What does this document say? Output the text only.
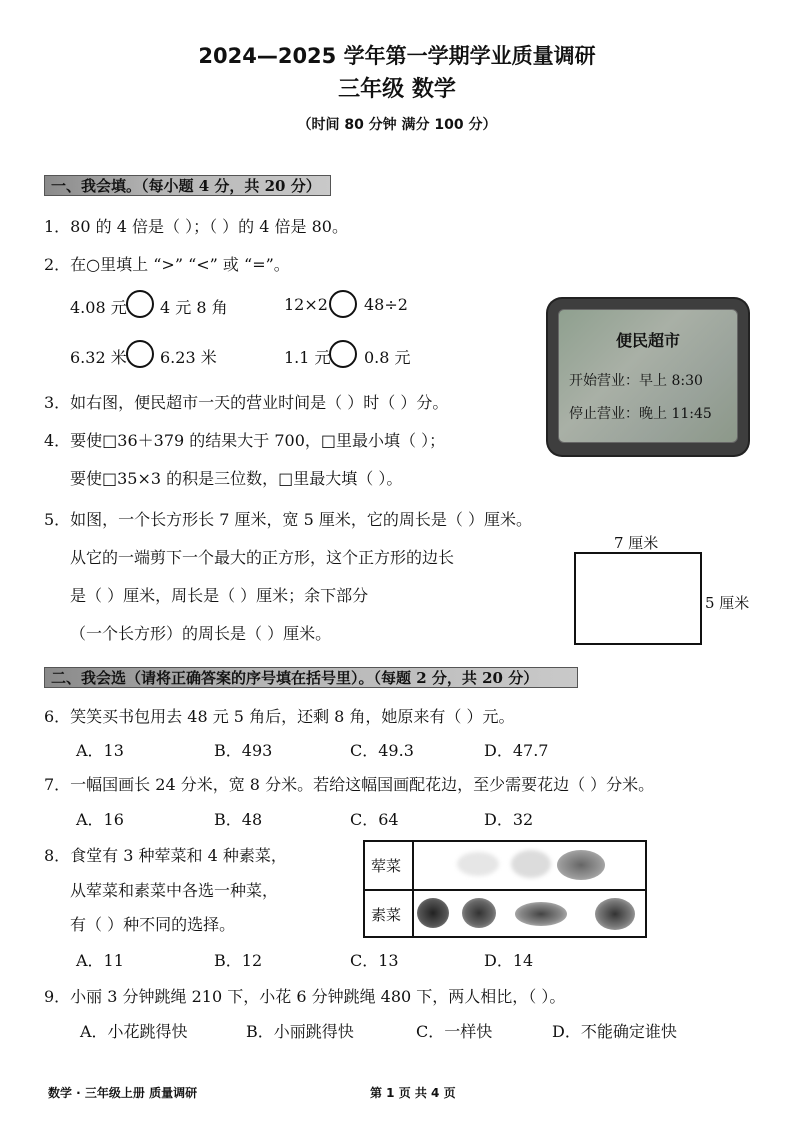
2024—2025 学年第一学期学业质量调研
三年级 数学
（时间 80 分钟 满分 100 分）
一、我会填。（每小题 4 分，共 20 分）
1．80 的 4 倍是（ ）；（ ）的 4 倍是 80。
2．在○里填上 “>” “<” 或 “=”。
4.08 元 4 元 8 角	12×2 48÷2
6.32 米 6.23 米	1.1 元 0.8 元
3．如右图，便民超市一天的营业时间是（ ）时（ ）分。
4．要使□36＋379 的结果大于 700，□里最小填（ ）；
要使□35×3 的积是三位数，□里最大填（ ）。
5．如图，一个长方形长 7 厘米，宽 5 厘米，它的周长是（ ）厘米。
从它的一端剪下一个最大的正方形，这个正方形的边长
是（ ）厘米，周长是（ ）厘米；余下部分
（一个长方形）的周长是（ ）厘米。
便民超市
开始营业：早上 8:30
停止营业：晚上 11:45
7 厘米
5 厘米
二、我会选（请将正确答案的序号填在括号里）。（每题 2 分，共 20 分）
6．笑笑买书包用去 48 元 5 角后，还剩 8 角，她原来有（ ）元。
A．13	B．493	C．49.3	D．47.7
7．一幅国画长 24 分米，宽 8 分米。若给这幅国画配花边，至少需要花边（ ）分米。
A．16	B．48	C．64	D．32
8．食堂有 3 种荤菜和 4 种素菜，
从荤菜和素菜中各选一种菜，
有（ ）种不同的选择。
A．11	B．12	C．13	D．14
荤菜
素菜
9．小丽 3 分钟跳绳 210 下，小花 6 分钟跳绳 480 下，两人相比，（ ）。
A．小花跳得快	B．小丽跳得快	C．一样快	D．不能确定谁快
数学 · 三年级上册 质量调研	第 1 页 共 4 页
